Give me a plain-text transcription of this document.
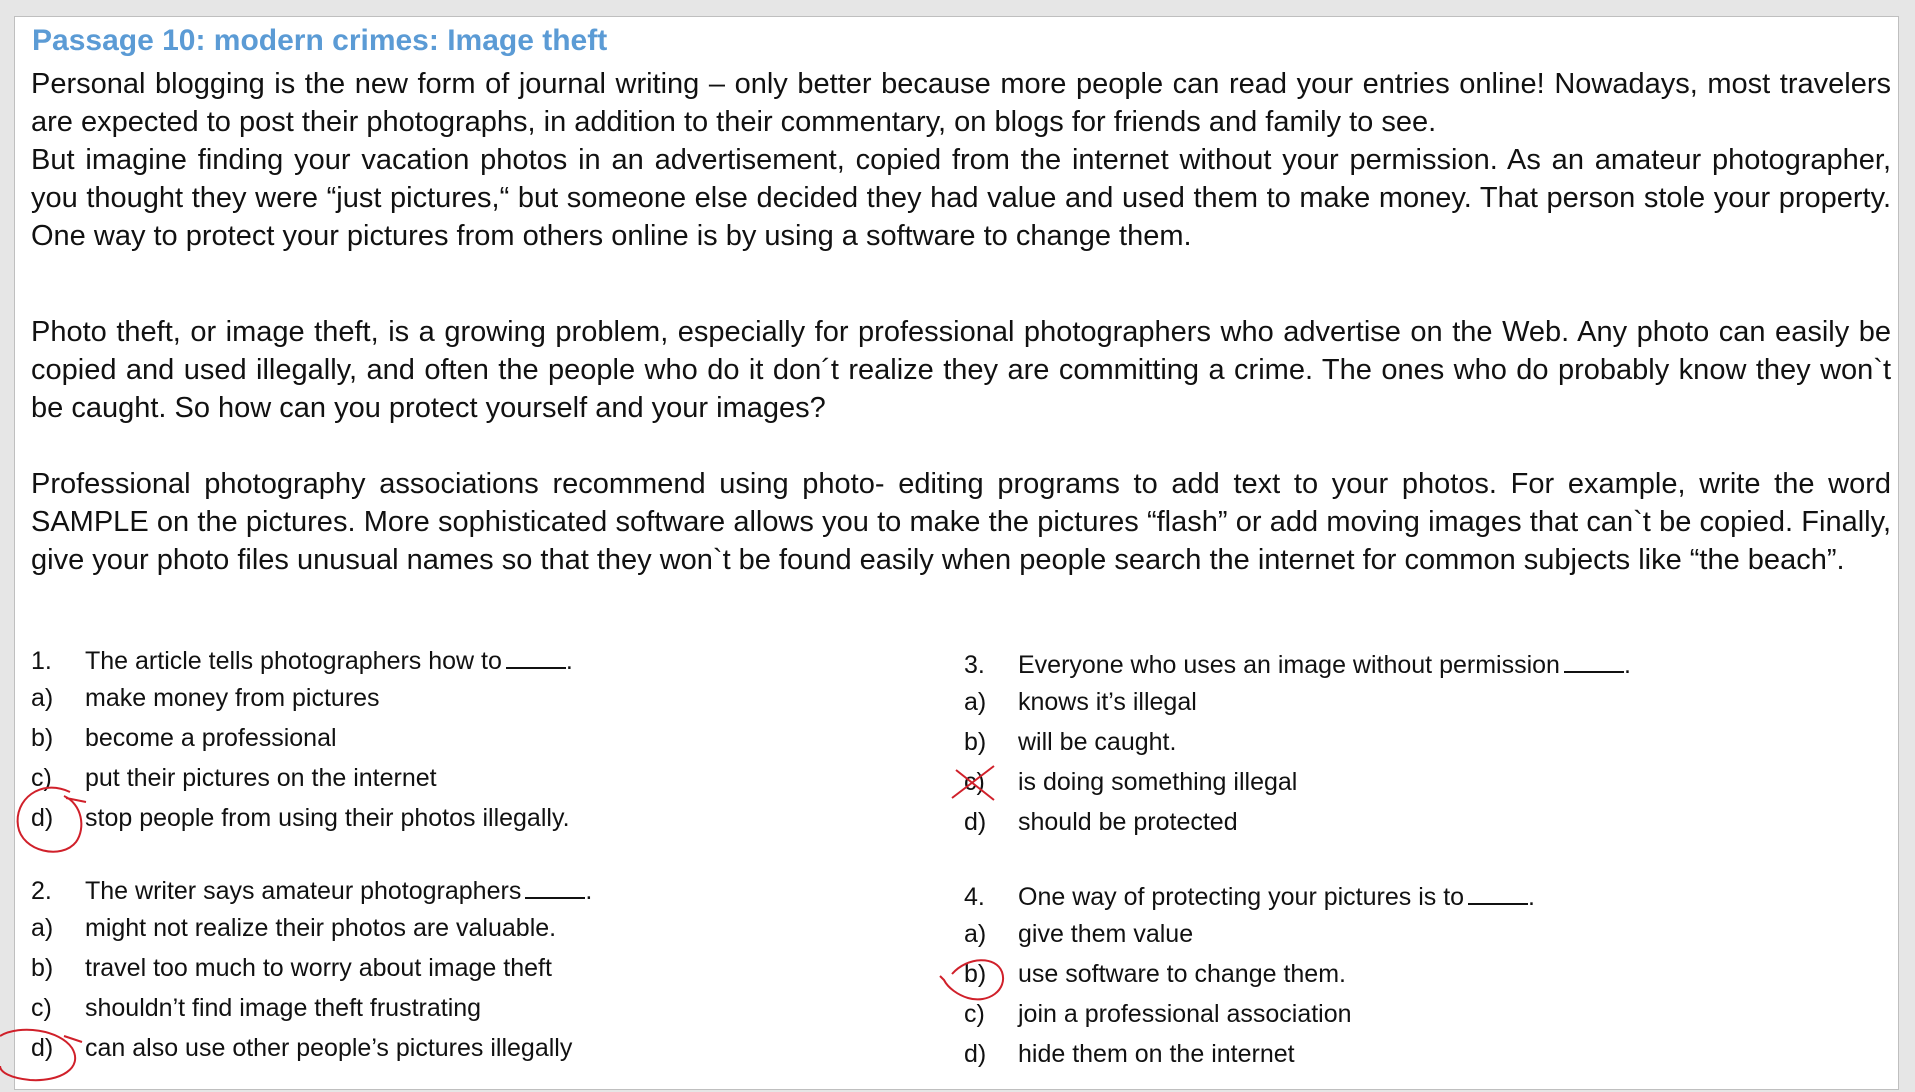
Passage 10: modern crimes: Image theft
Personal blogging is the new form of journal writing – only better because more people can read your entries online! Nowadays, most travelers are expected to post their photographs, in addition to their commentary, on blogs for friends and family to see.
But imagine finding your vacation photos in an advertisement, copied from the internet without your permission. As an amateur photographer, you thought they were “just pictures,“ but someone else decided they had value and used them to make money. That person stole your property. One way to protect your pictures from others online is by using a software to change them.
Photo theft, or image theft, is a growing problem, especially for professional photographers who advertise on the Web. Any photo can easily be copied and used illegally, and often the people who do it don´t realize they are committing a crime. The ones who do probably know they won`t be caught. So how can you protect yourself and your images?
Professional photography associations recommend using photo- editing programs to add text to your photos. For example, write the word SAMPLE on the pictures. More sophisticated software allows you to make the pictures “flash” or add moving images that can`t be copied. Finally, give your photo files unusual names so that they won`t be found easily when people search the internet for common subjects like “the beach”.
1. The article tells photographers how to	.
a) make money from pictures
b) become a professional
c) put their pictures on the internet
d) stop people from using their photos illegally.
2. The writer says amateur photographers	.
a) might not realize their photos are valuable.
b) travel too much to worry about image theft
c) shouldn’t find image theft frustrating
d) can also use other people’s pictures illegally
3. Everyone who uses an image without permission	.
a) knows it’s illegal
b) will be caught.
c) is doing something illegal
d) should be protected
4. One way of protecting your pictures is to	.
a) give them value
b) use software to change them.
c) join a professional association
d) hide them on the internet
